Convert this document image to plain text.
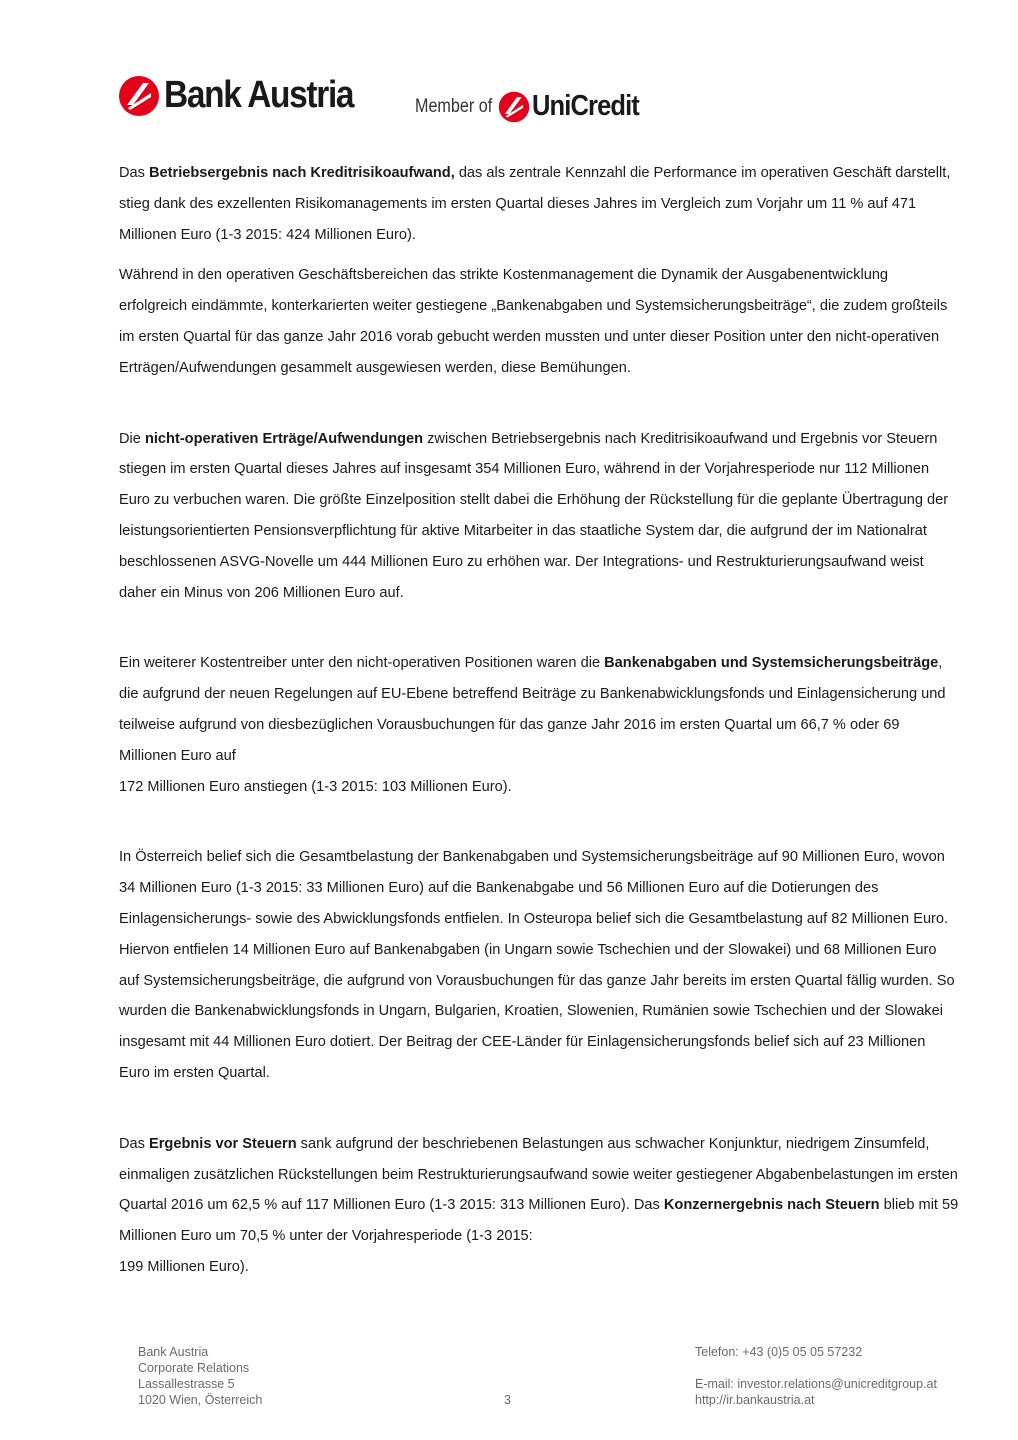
Bank Austria	Member of UniCredit

Das Betriebsergebnis nach Kreditrisikoaufwand, das als zentrale Kennzahl die Performance im operativen Geschäft darstellt, stieg dank des exzellenten Risikomanagements im ersten Quartal dieses Jahres im Vergleich zum Vorjahr um 11 % auf 471 Millionen Euro (1-3 2015: 424 Millionen Euro).

Während in den operativen Geschäftsbereichen das strikte Kostenmanagement die Dynamik der Ausgabenentwicklung erfolgreich eindämmte, konterkarierten weiter gestiegene „Bankenabgaben und Systemsicherungsbeiträge“, die zudem großteils im ersten Quartal für das ganze Jahr 2016 vorab gebucht werden mussten und unter dieser Position unter den nicht-operativen Erträgen/Aufwendungen gesammelt ausgewiesen werden, diese Bemühungen.

Die nicht-operativen Erträge/Aufwendungen zwischen Betriebsergebnis nach Kreditrisikoaufwand und Ergebnis vor Steuern stiegen im ersten Quartal dieses Jahres auf insgesamt 354 Millionen Euro, während in der Vorjahresperiode nur 112 Millionen Euro zu verbuchen waren. Die größte Einzelposition stellt dabei die Erhöhung der Rückstellung für die geplante Übertragung der leistungsorientierten Pensionsverpflichtung für aktive Mitarbeiter in das staatliche System dar, die aufgrund der im Nationalrat beschlossenen ASVG-Novelle um 444 Millionen Euro zu erhöhen war. Der Integrations- und Restrukturierungsaufwand weist daher ein Minus von 206 Millionen Euro auf.

Ein weiterer Kostentreiber unter den nicht-operativen Positionen waren die Bankenabgaben und Systemsicherungsbeiträge, die aufgrund der neuen Regelungen auf EU-Ebene betreffend Beiträge zu Bankenabwicklungsfonds und Einlagensicherung und teilweise aufgrund von diesbezüglichen Vorausbuchungen für das ganze Jahr 2016 im ersten Quartal um 66,7 % oder 69 Millionen Euro auf
172 Millionen Euro anstiegen (1-3 2015: 103 Millionen Euro).

In Österreich belief sich die Gesamtbelastung der Bankenabgaben und Systemsicherungsbeiträge auf 90 Millionen Euro, wovon 34 Millionen Euro (1-3 2015: 33 Millionen Euro) auf die Bankenabgabe und 56 Millionen Euro auf die Dotierungen des Einlagensicherungs- sowie des Abwicklungsfonds entfielen. In Osteuropa belief sich die Gesamtbelastung auf 82 Millionen Euro. Hiervon entfielen 14 Millionen Euro auf Bankenabgaben (in Ungarn sowie Tschechien und der Slowakei) und 68 Millionen Euro auf Systemsicherungsbeiträge, die aufgrund von Vorausbuchungen für das ganze Jahr bereits im ersten Quartal fällig wurden. So wurden die Bankenabwicklungsfonds in Ungarn, Bulgarien, Kroatien, Slowenien, Rumänien sowie Tschechien und der Slowakei insgesamt mit 44 Millionen Euro dotiert. Der Beitrag der CEE-Länder für Einlagensicherungsfonds belief sich auf 23 Millionen Euro im ersten Quartal.

Das Ergebnis vor Steuern sank aufgrund der beschriebenen Belastungen aus schwacher Konjunktur, niedrigem Zinsumfeld, einmaligen zusätzlichen Rückstellungen beim Restrukturierungsaufwand sowie weiter gestiegener Abgabenbelastungen im ersten Quartal 2016 um 62,5 % auf 117 Millionen Euro (1-3 2015: 313 Millionen Euro). Das Konzernergebnis nach Steuern blieb mit 59 Millionen Euro um 70,5 % unter der Vorjahresperiode (1-3 2015:
199 Millionen Euro).

Bank Austria
Corporate Relations
Lassallestrasse 5
1020 Wien, Österreich	3
Telefon: +43 (0)5 05 05 57232
E-mail: investor.relations@unicreditgroup.at
http://ir.bankaustria.at
